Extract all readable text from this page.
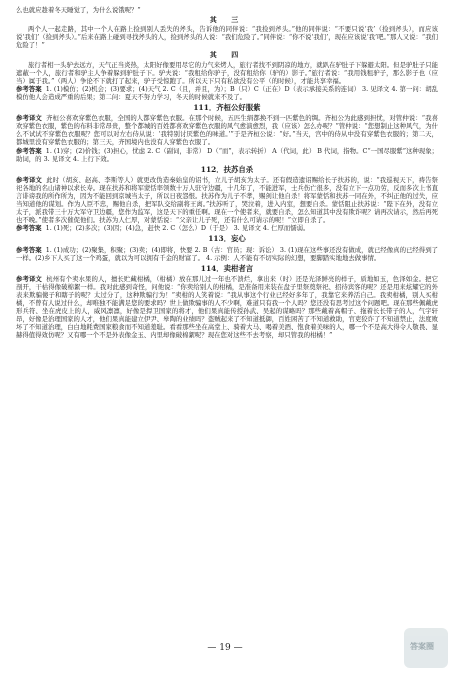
么也就应趁着冬天睡觉了，为什么说饿呢？”

其 三

两个人一起走路，其中一个人在路上捡到别人丢失的斧头，告诉他的同伴说：“我捡到斧头。”他的同伴说：“不要只说‘我’（捡到斧头），而应该说‘我们’（捡到斧头）。”后来在路上碰到寻找斧头的人，捡到斧头的人说：“我们危险了。”同伴说：“你不说‘我们’，现在应该说‘我’吧。”那人又说：“我们危险了！”

其 四

旅行者相一头驴去远方，天气正当炎热，太阳好像要用尽它的力气来烤人，旅行者找不到阴凉的地方，就趴在驴肚子下躲避太阳。但是驴肚子只能遮蔽一个人，旅行者和驴主人争着躲到驴肚子下。驴夫说：“我租给你驴子，没有租给你（驴的）影子。”旅行者说：“我用钱租驴子，那么影子也（应当）属于我。”（两人）争论不下就打了起来，驴子受惊跑了。所以天下只有私欲没有公平（的时候），才能共享幸福。

参考答案 1. (1)模仿；(2)机会；(3)要求；(4)天气 2. C（且，并且，为）；B（只）C（正在）D（表示承接关系的连词） 3. 见译文 4. 第一问：胡乱模仿他人会造成严重的后果；第二问：夏天不努力学习，冬天的时候就来不及了。

111．齐桓公好服紫

参考译文 齐桓公喜欢穿紫色衣服，全国的人都穿紫色衣服。在那个时候，五匹生绢都换不到一匹紫色的绸。齐桓公为此感到担忧，对管仲说：“我喜欢穿紫色衣服，紫色的布料非常昂贵，整个都城的百姓都喜欢穿紫色衣服的风气愈演愈烈，我（应该）怎么办呢？”管仲说：“您想制止这种风气，为什么不试试不穿紫色衣服呢？您可以对左右侍从说：‘我特别讨厌紫色的味道。’”于是齐桓公说：“好。”当天，宫中的侍从中没有穿紫色衣服的；第二天，都城里没有穿紫色衣服的；第三天，齐国境内也没有人穿紫色衣服了。

参考答案 1. (1)穿；(2)价钱；(3)担心，忧虑 2. C（副词，非常） D（“而”，表示转折） A（代词，此） B 代词，指物。C“一国尽服紫”这种现象；助词，的 3. 见译文 4. 上行下效。

112．扶苏自杀

参考译文 此时（胡亥、赵高、李斯等人）就更改伪造秦始皇的诏书，立儿子胡亥为太子。还有假造遗诏赐给长子扶苏的，说：“我巡视天下，祷告祭祀各地的名山诸神以求长寿。现在扶苏和将军蒙恬率领数十万人驻守边疆，十几年了，不能进军，士兵伤亡很多，没有立下一点功劳，反而多次上书直言诽谤我的所作所为，因为不能回到京城当太子，所以日夜怨恨。扶苏作为儿子不孝，赐剑让他自杀！将军蒙恬和扶苏一同在外，不纠正他的过失，应当知道他的谋划。作为人臣不忠，赐他自杀，把军队交给副将王离。”扶苏听了，哭泣着，进入内室，想要自杀。蒙恬阻止扶苏说：“陛下在外，没有立太子，派我带三十万大军守卫边疆，您作为监军，这是天下的重任啊。现在一个使者来，就要自杀，怎么知道其中没有欺诈呢？请再次请示，然后再死也不晚。”使者多次催促他们。扶苏为人仁厚，对蒙恬说：“父亲让儿子死，还有什么可请示的呢！”立即自杀了。

参考答案 1. (1)死；(2)多次；(3)因；(4)急，赶快 2. C（怎么）D（于是） 3. 见译文 4. 仁厚而懦弱。

113．妄心

参考答案 1. (1)成功；(2)聚集，积聚；(3)卖；(4)即将，快要 2. B（古：官员；现：诉讼） 3. (1)现在这些事还没有做成，就已经像真的已经得到了一样。(2)乡下人买了这一个鸡蛋，就以为可以拥有千金的财富了。 4. 示例：人不能有不切实际的幻想，要脚踏实地地去做事情。

114．卖柑者言

参考译文 杭州有个卖水果的人，擅长贮藏柑橘，（柑橘）放在那儿过一年也不溃烂，拿出来（时）还是光泽鲜亮的样子，质地如玉，色泽如金。把它剖开，干枯得像破棉絮一样。我对此感到奇怪，问他说：“你卖给别人的柑橘，是准备用来装在盘子里祭奠祭祀、招待宾客的呢？还是用来炫耀它的外表来欺骗傻子和瞎子的呢？太过分了，这种欺骗行为！”卖柑的人笑着说：“我从事这个行业已经好多年了，我靠它来养活自己。我卖柑橘，别人买柑橘，不曾有人说过什么，却唯独不能满足您的要求吗？世上做欺骗事的人不少啊，难道只有我一个人吗？您还没有思考过这个问题吧。现在那些佩戴虎形兵符、坐在虎皮上的人，威风凛凛，好像是捍卫国家的将才，他们果真能传授孙武、吴起的谋略吗？那些戴着高帽子、拖着长长带子的人，气宇轩昂，好像是治理国家的人才，他们果真能建立伊尹、皋陶的业绩吗？盗贼起来了不知道抵御，百姓困苦了不知道救助，官吏狡诈了不知道禁止，法度败坏了不知道治理，白白地耗费国家粮食而不知道羞耻。看看那些坐在高堂上、骑着大马、喝着美酒、饱食着美味的人，哪一个不是高大得令人敬畏、显赫得值得效仿呢？又有哪一个不是外表像金玉、内里却像破棉絮呢？现在您对这些不去考察，却只管我的柑橘！”

— 19 —	答案圈
